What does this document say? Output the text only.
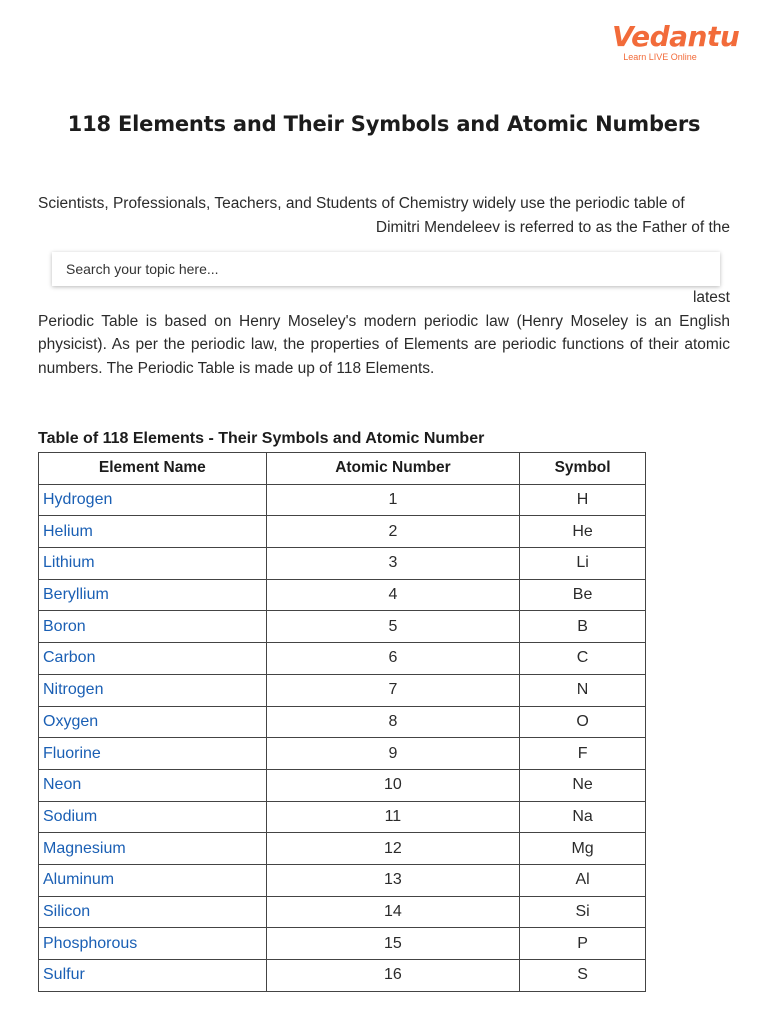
Vedantu
Learn LIVE Online
118 Elements and Their Symbols and Atomic Numbers
Scientists, Professionals, Teachers, and Students of Chemistry widely use the periodic table of
Dimitri Mendeleev is referred to as the Father of the
latest
Periodic Table is based on Henry Moseley's modern periodic law (Henry Moseley is an English physicist). As per the periodic law, the properties of Elements are periodic functions of their atomic numbers. The Periodic Table is made up of 118 Elements.
Search your topic here...
Table of 118 Elements - Their Symbols and Atomic Number
Element Name	Atomic Number	Symbol
Hydrogen	1	H
Helium	2	He
Lithium	3	Li
Beryllium	4	Be
Boron	5	B
Carbon	6	C
Nitrogen	7	N
Oxygen	8	O
Fluorine	9	F
Neon	10	Ne
Sodium	11	Na
Magnesium	12	Mg
Aluminum	13	Al
Silicon	14	Si
Phosphorous	15	P
Sulfur	16	S
